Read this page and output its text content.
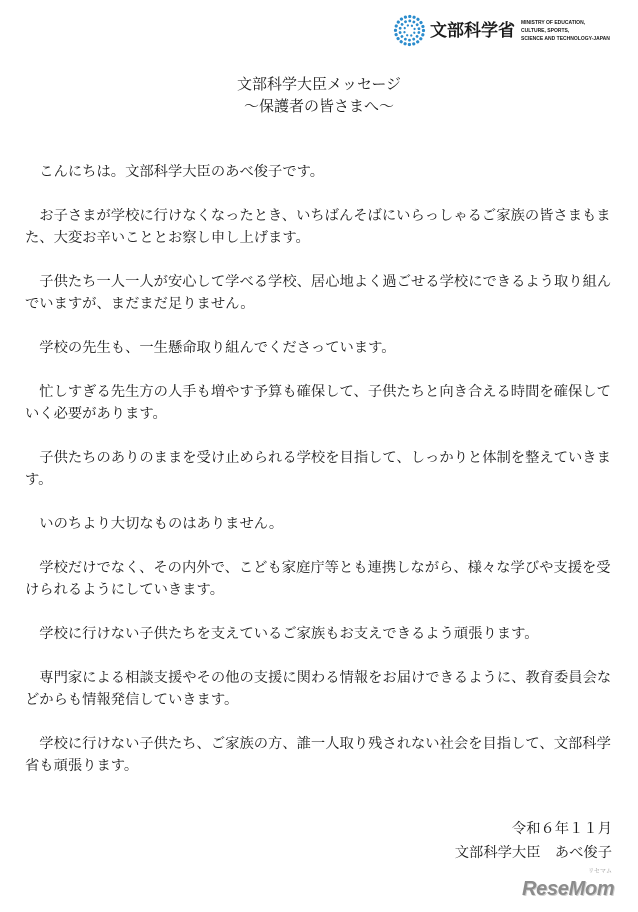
文部科学省 MINISTRY OF EDUCATION,
CULTURE, SPORTS,
SCIENCE AND TECHNOLOGY-JAPAN
文部科学大臣メッセージ
～保護者の皆さまへ～

こんにちは。文部科学大臣のあべ俊子です。

お子さまが学校に行けなくなったとき、いちばんそばにいらっしゃるご家族の皆さまもま
た、大変お辛いこととお察し申し上げます。

子供たち一人一人が安心して学べる学校、居心地よく過ごせる学校にできるよう取り組ん
でいますが、まだまだ足りません。

学校の先生も、一生懸命取り組んでくださっています。

忙しすぎる先生方の人手も増やす予算も確保して、子供たちと向き合える時間を確保して
いく必要があります。

子供たちのありのままを受け止められる学校を目指して、しっかりと体制を整えていきま
す。

いのちより大切なものはありません。

学校だけでなく、その内外で、こども家庭庁等とも連携しながら、様々な学びや支援を受
けられるようにしていきます。

学校に行けない子供たちを支えているご家族もお支えできるよう頑張ります。

専門家による相談支援やその他の支援に関わる情報をお届けできるように、教育委員会な
どからも情報発信していきます。

学校に行けない子供たち、ご家族の方、誰一人取り残されない社会を目指して、文部科学
省も頑張ります。

令和６年１１月
文部科学大臣　あべ俊子
リセマム
ReseMom
